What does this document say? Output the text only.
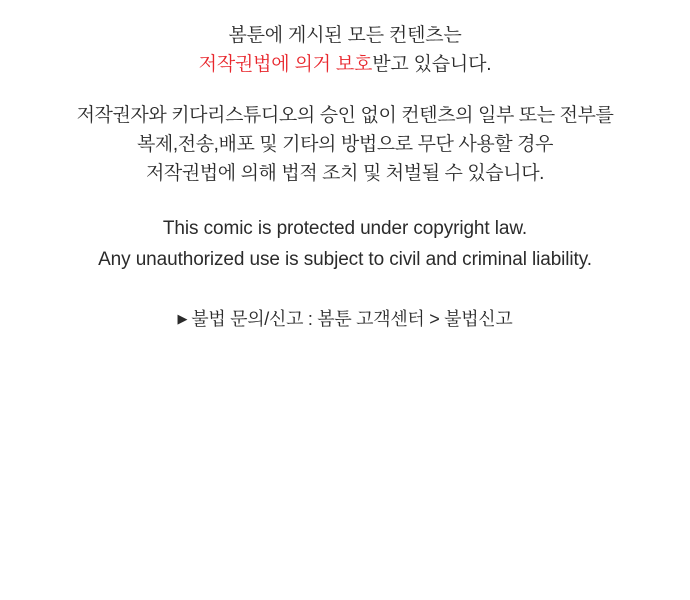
봄툰에 게시된 모든 컨텐츠는
저작권법에 의거 보호받고 있습니다.
저작권자와 키다리스튜디오의 승인 없이 컨텐츠의 일부 또는 전부를
복제,전송,배포 및 기타의 방법으로 무단 사용할 경우
저작권법에 의해 법적 조치 및 처벌될 수 있습니다.
This comic is protected under copyright law.
Any unauthorized use is subject to civil and criminal liability.
▶ 불법 문의/신고 : 봄툰 고객센터 > 불법신고
